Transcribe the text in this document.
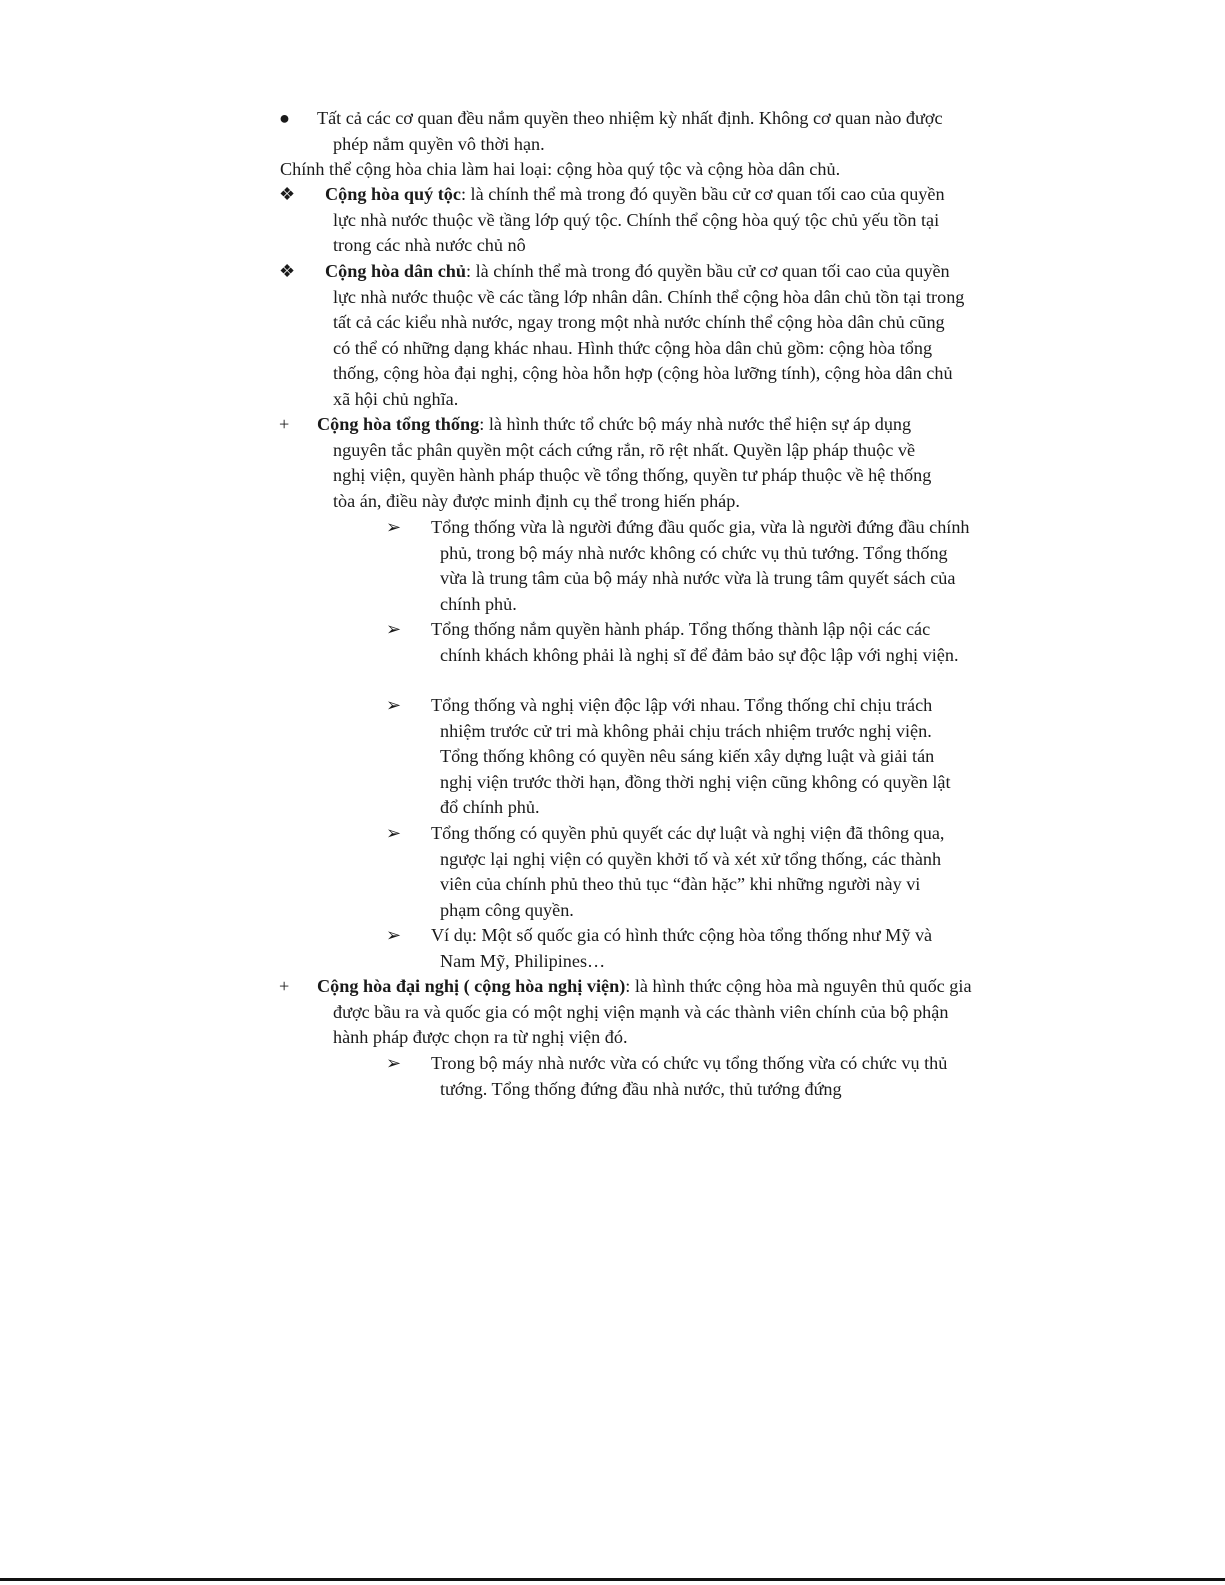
● Tất cả các cơ quan đều nắm quyền theo nhiệm kỳ nhất định. Không cơ quan nào được phép nắm quyền vô thời hạn.

Chính thể cộng hòa chia làm hai loại: cộng hòa quý tộc và cộng hòa dân chủ.

❖ Cộng hòa quý tộc: là chính thể mà trong đó quyền bầu cử cơ quan tối cao của quyền lực nhà nước thuộc về tầng lớp quý tộc. Chính thể cộng hòa quý tộc chủ yếu tồn tại trong các nhà nước chủ nô

❖ Cộng hòa dân chủ: là chính thể mà trong đó quyền bầu cử cơ quan tối cao của quyền lực nhà nước thuộc về các tầng lớp nhân dân. Chính thể cộng hòa dân chủ tồn tại trong tất cả các kiểu nhà nước, ngay trong một nhà nước chính thể cộng hòa dân chủ cũng có thể có những dạng khác nhau. Hình thức cộng hòa dân chủ gồm: cộng hòa tổng thống, cộng hòa đại nghị, cộng hòa hỗn hợp (cộng hòa lưỡng tính), cộng hòa dân chủ xã hội chủ nghĩa.

+ Cộng hòa tổng thống: là hình thức tổ chức bộ máy nhà nước thể hiện sự áp dụng nguyên tắc phân quyền một cách cứng rắn, rõ rệt nhất. Quyền lập pháp thuộc về nghị viện, quyền hành pháp thuộc về tổng thống, quyền tư pháp thuộc về hệ thống tòa án, điều này được minh định cụ thể trong hiến pháp.

➢ Tổng thống vừa là người đứng đầu quốc gia, vừa là người đứng đầu chính phủ, trong bộ máy nhà nước không có chức vụ thủ tướng. Tổng thống vừa là trung tâm của bộ máy nhà nước vừa là trung tâm quyết sách của chính phủ.

➢ Tổng thống nắm quyền hành pháp. Tổng thống thành lập nội các các chính khách không phải là nghị sĩ để đảm bảo sự độc lập với nghị viện.

➢ Tổng thống và nghị viện độc lập với nhau. Tổng thống chỉ chịu trách nhiệm trước cử tri mà không phải chịu trách nhiệm trước nghị viện. Tổng thống không có quyền nêu sáng kiến xây dựng luật và giải tán nghị viện trước thời hạn, đồng thời nghị viện cũng không có quyền lật đổ chính phủ.

➢ Tổng thống có quyền phủ quyết các dự luật và nghị viện đã thông qua, ngược lại nghị viện có quyền khởi tố và xét xử tổng thống, các thành viên của chính phủ theo thủ tục “đàn hặc” khi những người này vi phạm công quyền.

➢ Ví dụ: Một số quốc gia có hình thức cộng hòa tổng thống như Mỹ và Nam Mỹ, Philipines…

+ Cộng hòa đại nghị ( cộng hòa nghị viện): là hình thức cộng hòa mà nguyên thủ quốc gia được bầu ra và quốc gia có một nghị viện mạnh và các thành viên chính của bộ phận hành pháp được chọn ra từ nghị viện đó.

➢ Trong bộ máy nhà nước vừa có chức vụ tổng thống vừa có chức vụ thủ tướng. Tổng thống đứng đầu nhà nước, thủ tướng đứng
